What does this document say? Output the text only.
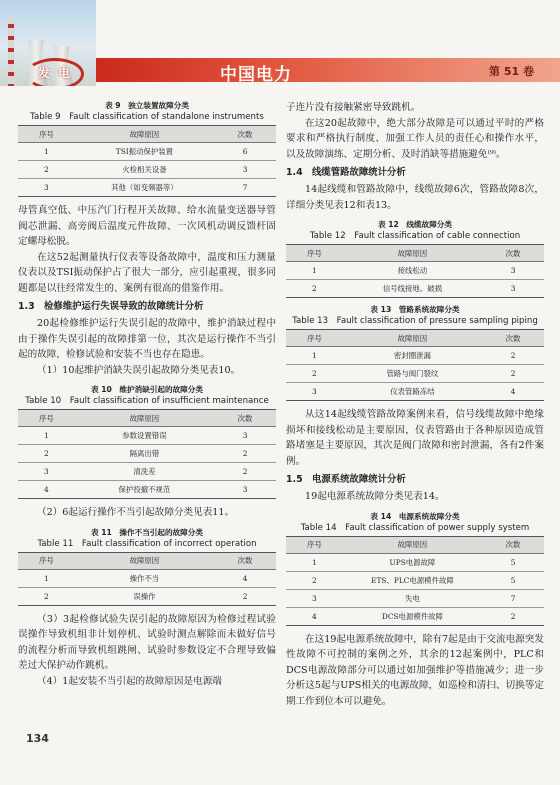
发 电	中国电力	第 51 卷
表 9　独立装置故障分类
Table 9　Fault classification of standalone instruments
序号	故障原因	次数
1	TSI振动保护装置	6
2	火检相关设备	3
3	其他（如变频器等）	7

母管真空低、中压汽门行程开关故障、给水流量变送器导管阀芯泄漏、高旁阀后温度元件故障、一次风机动调反馈杆固定螺母松脱。

在这52起测量执行仪表等设备故障中，温度和压力测量仪表以及TSI振动保护占了很大一部分，应引起重视，很多同题都是以往经常发生的、案例有很高的借鉴作用。

1.3　检修维护运行失误导致的故障统计分析

20起检修维护运行失误引起的故障中，维护消缺过程中由于操作失误引起的故障排第一位，其次是运行操作不当引起的故障，检修试验和安装不当也存在隐患。

（1）10起维护消缺失误引起故障分类见表10。

表 10　维护消缺引起的故障分类
Table 10　Fault classification of insufficient maintenance
序号	故障原因	次数
1	参数设置错误	3
2	隔离出错	2
3	清洗差	2
4	保护投撤不规范	3

（2）6起运行操作不当引起故障分类见表11。

表 11　操作不当引起的故障分类
Table 11　Fault classification of incorrect operation
序号	故障原因	次数
1	操作不当	4
2	误操作	2

（3）3起检修试验失误引起的故障原因为检修过程试验误操作导致机组非计划停机、试验时测点解除而未做好信号的流程分析而导致机组跳闸、试验时参数设定不合理导致偏差过大保护动作跳机。

（4）1起安装不当引起的故障原因是电源端

子连片没有接触紧密导致跳机。

在这20起故障中，绝大部分故障是可以通过平时的严格要求和严格执行制度、加强工作人员的责任心和操作水平，以及故障演练、定期分析、及时消缺等措施避免⁽⁹⁾。

1.4　线缆管路故障统计分析

14起线缆和管路故障中，线缆故障6次，管路故障8次，详细分类见表12和表13。

表 12　线缆故障分类
Table 12　Fault classification of cable connection
序号	故障原因	次数
1	接线松动	3
2	信号线接地、破损	3
表 13　管路系统故障分类
Table 13　Fault classification of pressure sampling piping
序号	故障原因	次数
1	密封圈泄漏	2
2	管路与阀门裂纹	2
3	仪表管路冻结	4

从这14起线缆管路故障案例来看，信号线缆故障中绝缘损坏和接线松动是主要原因，仪表管路由于各种原因造成管路堵塞是主要原因，其次是阀门故障和密封泄漏，各有2件案例。

1.5　电源系统故障统计分析

19起电源系统故障分类见表14。

表 14　电源系统故障分类
Table 14　Fault classification of power supply system
序号	故障原因	次数
1	UPS电源故障	5
2	ETS、PLC电源模件故障	5
3	失电	7
4	DCS电源模件故障	2

在这19起电源系统故障中，除有7起是由于交流电源突发性故障不可控制的案例之外，其余的12起案例中，PLC和DCS电源故障部分可以通过如加强维护等措施减少；进一步分析这5起与UPS相关的电源故障，如巡检和清扫、切换等定期工作到位本可以避免。

134
